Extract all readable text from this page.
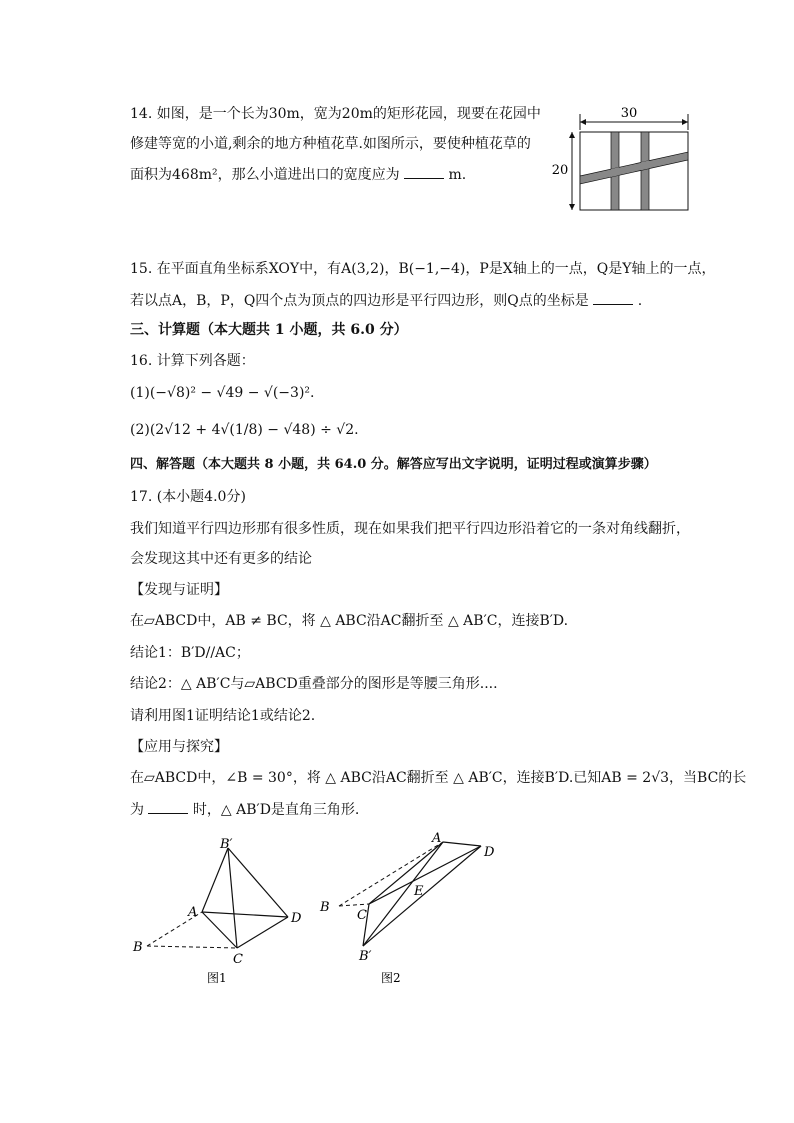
14. 如图，是一个长为30m，宽为20m的矩形花园，现要在花园中
修建等宽的小道,剩余的地方种植花草.如图所示，要使种植花草的
面积为468m²，那么小道进出口的宽度应为	m.
30
20
15. 在平面直角坐标系XOY中，有A(3,2)，B(−1,−4)，P是X轴上的一点，Q是Y轴上的一点，
若以点A，B，P，Q四个点为顶点的四边形是平行四边形，则Q点的坐标是	.
三、计算题（本大题共 1 小题，共 6.0 分）
16. 计算下列各题：
(1)(−√8)² − √49 − √(−3)².
(2)(2√12 + 4√(1/8) − √48) ÷ √2.
四、解答题（本大题共 8 小题，共 64.0 分。解答应写出文字说明，证明过程或演算步骤）
17. (本小题4.0分)
我们知道平行四边形那有很多性质，现在如果我们把平行四边形沿着它的一条对角线翻折，
会发现这其中还有更多的结论
【发现与证明】
在▱ABCD中，AB ≠ BC，将 △ ABC沿AC翻折至 △ AB′C，连接B′D.
结论1：B′D//AC；
结论2：△ AB′C与▱ABCD重叠部分的图形是等腰三角形....
请利用图1证明结论1或结论2.
【应用与探究】
在▱ABCD中，∠B = 30°，将 △ ABC沿AC翻折至 △ AB′C，连接B′D.已知AB = 2√3，当BC的长
为	时，△ AB′D是直角三角形.
B′
A	D
B
C
图1
A
D
B
E
C
B′
图2
